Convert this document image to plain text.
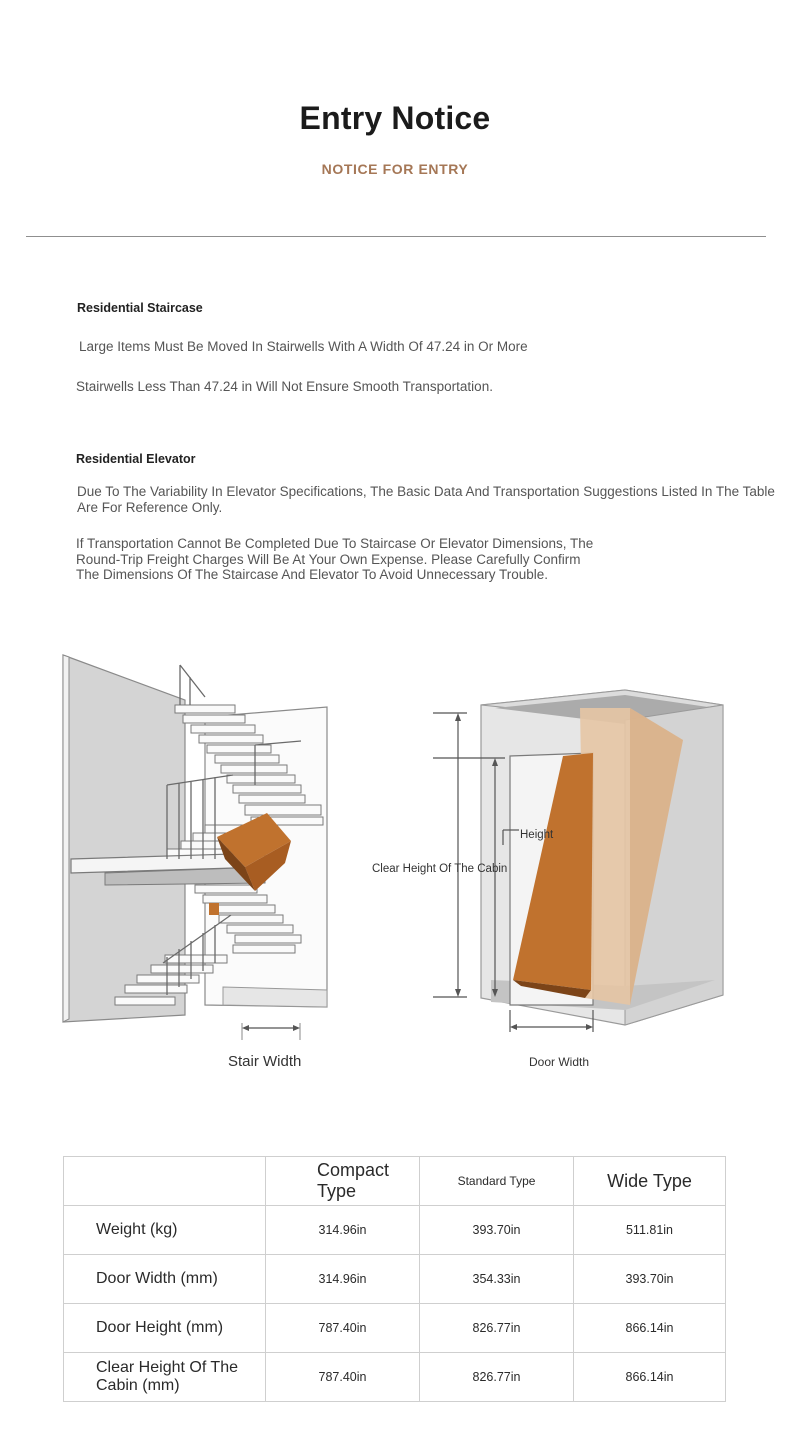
Entry Notice
NOTICE FOR ENTRY
Residential Staircase
Large Items Must Be Moved In Stairwells With A Width Of 47.24 in Or More
Stairwells Less Than 47.24 in Will Not Ensure Smooth Transportation.
Residential Elevator
Due To The Variability In Elevator Specifications, The Basic Data And Transportation Suggestions Listed In The Table Are For Reference Only.
If Transportation Cannot Be Completed Due To Staircase Or Elevator Dimensions, The
Round-Trip Freight Charges Will Be At Your Own Expense. Please Carefully Confirm
The Dimensions Of The Staircase And Elevator To Avoid Unnecessary Trouble.
Stair Width
Clear Height Of The Cabin
Height
Door Width
	Compact Type	Standard Type	Wide Type
Weight (kg)	314.96in	393.70in	511.81in
Door Width (mm)	314.96in	354.33in	393.70in
Door Height (mm)	787.40in	826.77in	866.14in
Clear Height Of The Cabin (mm)	787.40in	826.77in	866.14in
